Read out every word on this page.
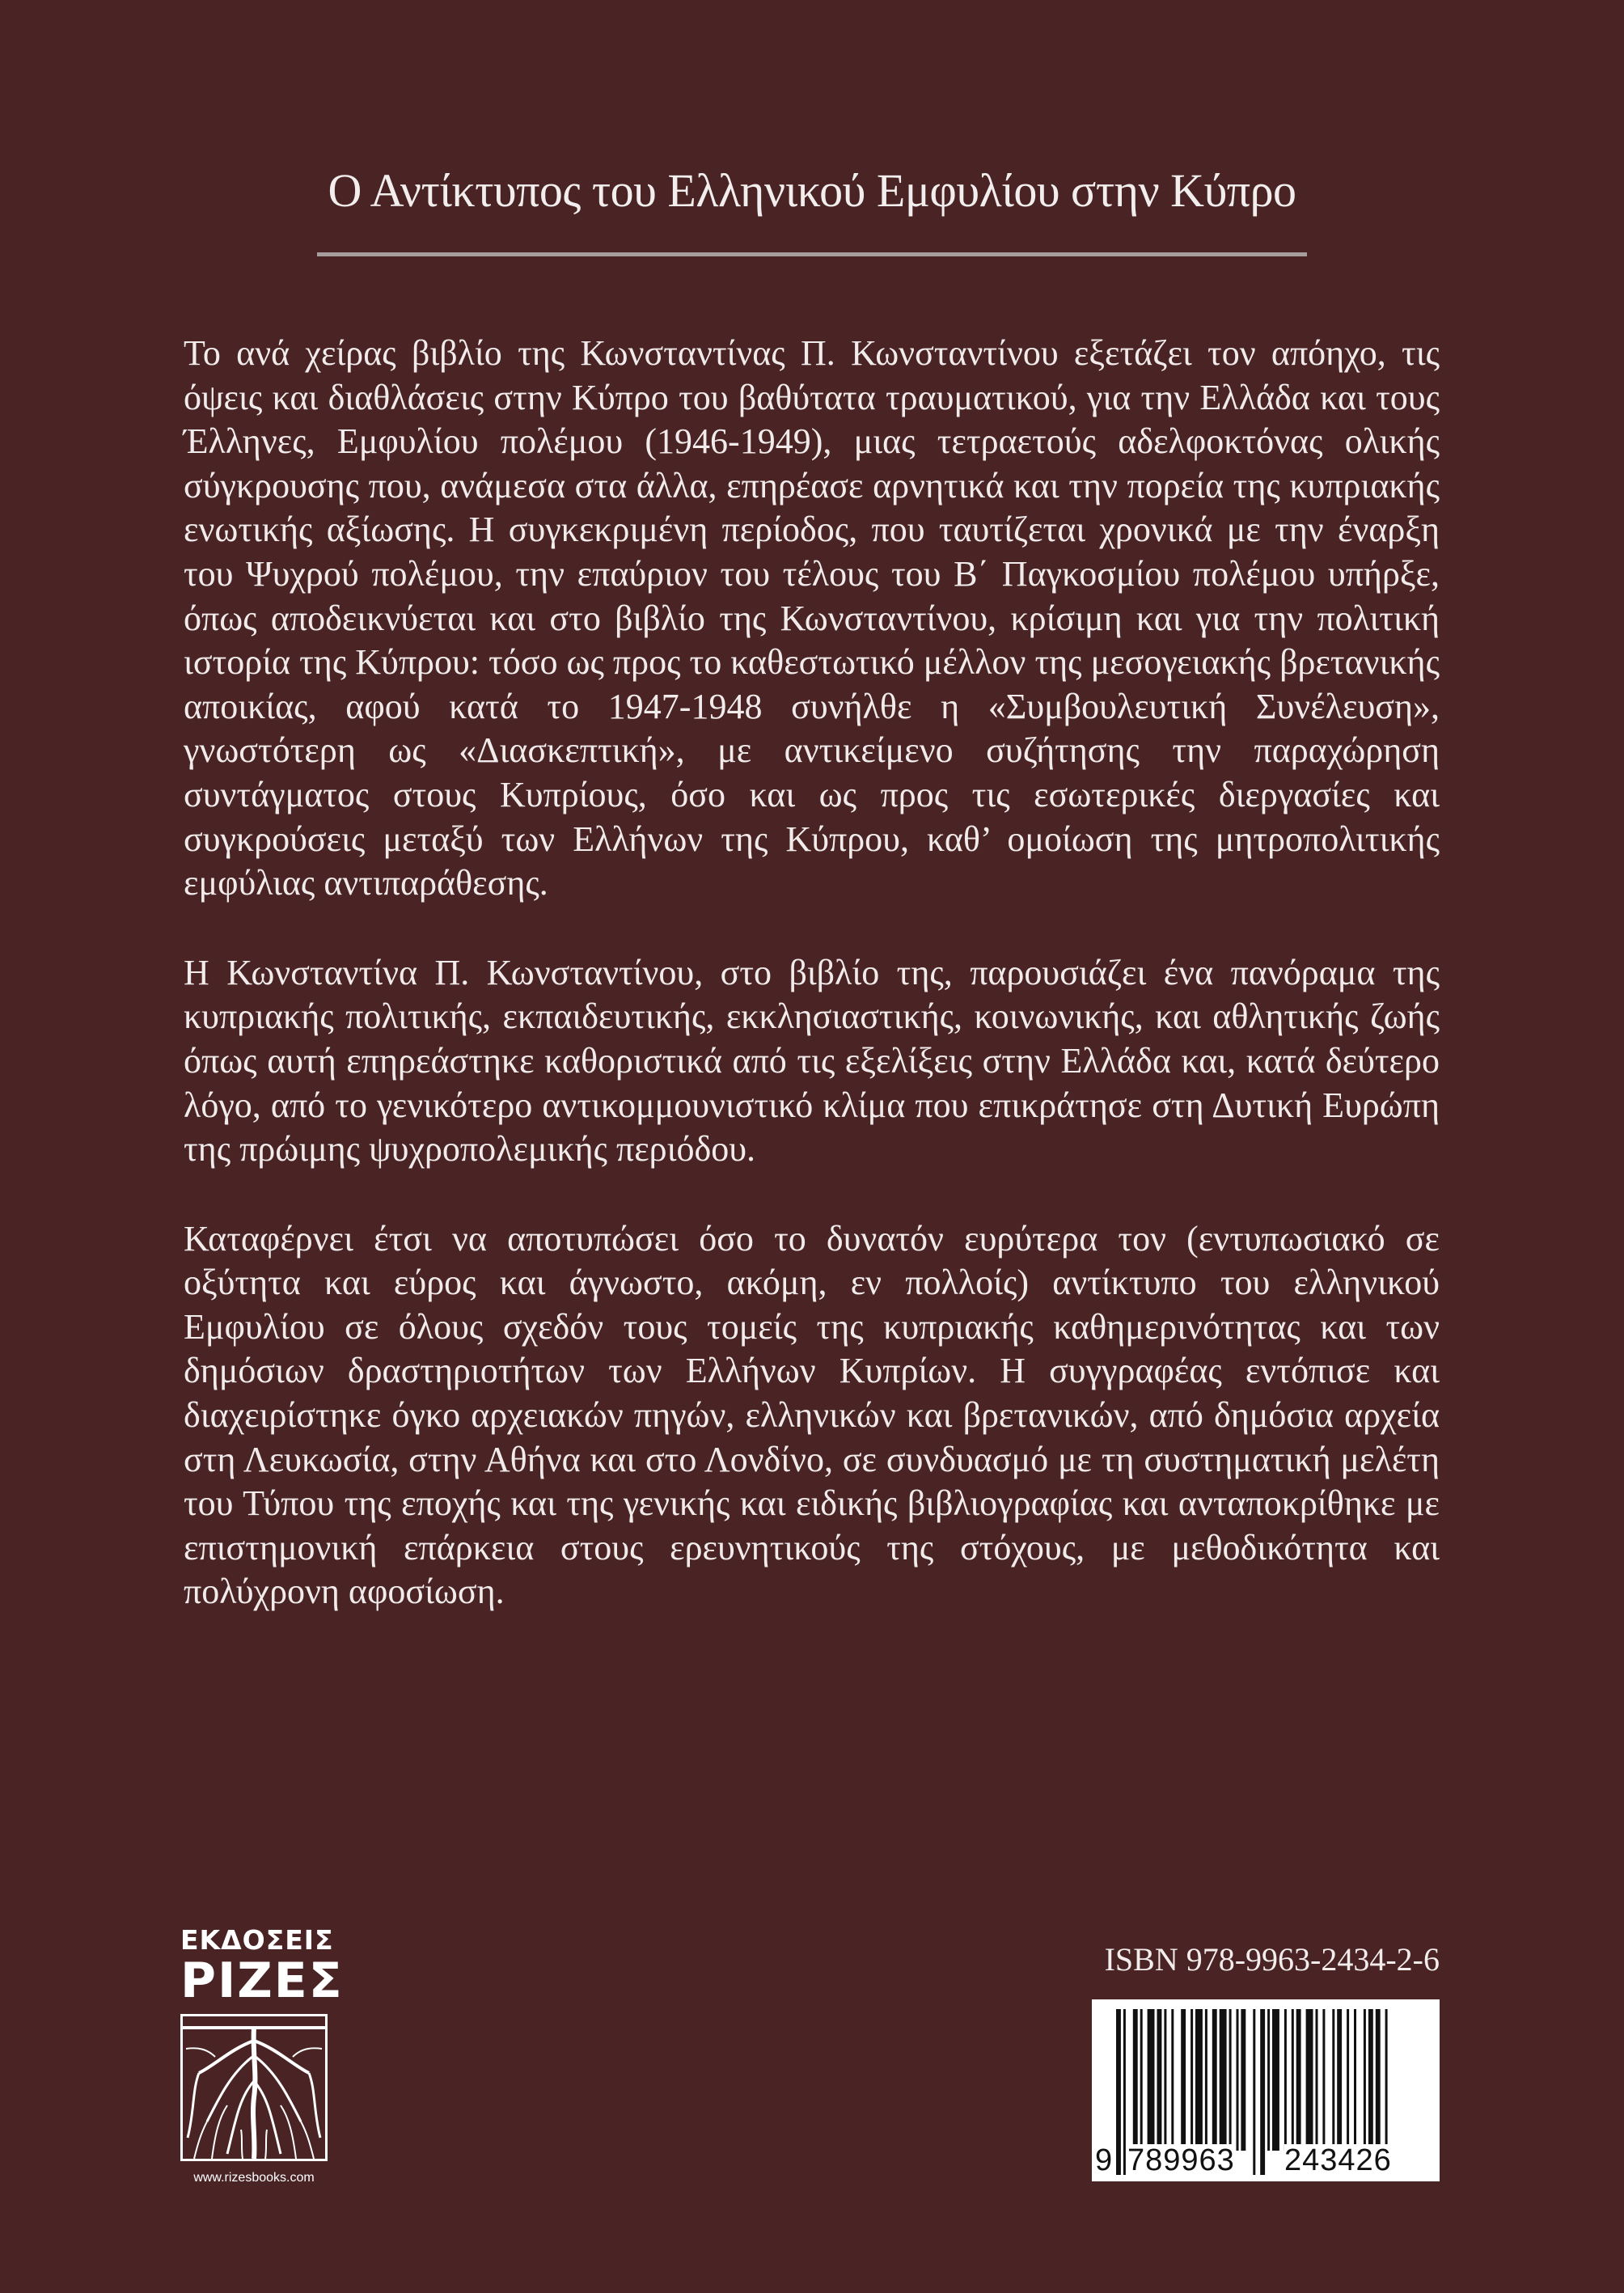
Ο Αντίκτυπος του Ελληνικού Εμφυλίου στην Κύπρο

Το ανά χείρας βιβλίο της Κωνσταντίνας Π. Κωνσταντίνου εξετάζει τον απόηχο, τις όψεις και διαθλάσεις στην Κύπρο του βαθύτατα τραυματικού, για την Ελλάδα και τους Έλληνες, Εμφυλίου πολέμου (1946-1949), μιας τετραετούς αδελφοκτόνας ολικής σύγκρουσης που, ανάμεσα στα άλλα, επηρέασε αρνητικά και την πορεία της κυπριακής ενωτικής αξίωσης. Η συγκεκριμένη περίοδος, που ταυτίζεται χρονικά με την έναρξη του Ψυχρού πολέμου, την επαύριον του τέλους του Β΄ Παγκοσμίου πολέμου υπήρξε, όπως αποδεικνύεται και στο βιβλίο της Κωνσταντίνου, κρίσιμη και για την πολιτική ιστορία της Κύπρου: τόσο ως προς το καθεστωτικό μέλλον της μεσογειακής βρετανικής αποικίας, αφού κατά το 1947-1948 συνήλθε η «Συμβουλευτική Συνέλευση», γνωστότερη ως «Διασκεπτική», με αντικείμενο συζήτησης την παραχώρηση συντάγματος στους Κυπρίους, όσο και ως προς τις εσωτερικές διεργασίες και συγκρούσεις μεταξύ των Ελλήνων της Κύπρου, καθ’ ομοίωση της μητροπολιτικής εμφύλιας αντιπαράθεσης.

Η Κωνσταντίνα Π. Κωνσταντίνου, στο βιβλίο της, παρουσιάζει ένα πανόραμα της κυπριακής πολιτικής, εκπαιδευτικής, εκκλησιαστικής, κοινωνικής, και αθλητικής ζωής όπως αυτή επηρεάστηκε καθοριστικά από τις εξελίξεις στην Ελλάδα και, κατά δεύτερο λόγο, από το γενικότερο αντικομμουνιστικό κλίμα που επικράτησε στη Δυτική Ευρώπη της πρώιμης ψυχροπολεμικής περιόδου.

Καταφέρνει έτσι να αποτυπώσει όσο το δυνατόν ευρύτερα τον (εντυπωσιακό σε οξύτητα και εύρος και άγνωστο, ακόμη, εν πολλοίς) αντίκτυπο του ελληνικού Εμφυλίου σε όλους σχεδόν τους τομείς της κυπριακής καθημερινότητας και των δημόσιων δραστηριοτήτων των Ελλήνων Κυπρίων. Η συγγραφέας εντόπισε και διαχειρίστηκε όγκο αρχειακών πηγών, ελληνικών και βρετανικών, από δημόσια αρχεία στη Λευκωσία, στην Αθήνα και στο Λονδίνο, σε συνδυασμό με τη συστηματική μελέτη του Τύπου της εποχής και της γενικής και ειδικής βιβλιογραφίας και ανταποκρίθηκε με επιστημονική επάρκεια στους ερευνητικούς της στόχους, με μεθοδικότητα και πολύχρονη αφοσίωση.

ΕΚΔΟΣΕΙΣ
ΡΙΖΕΣ
www.rizesbooks.com
ISBN 978-9963-2434-2-6
9 789963 243426
